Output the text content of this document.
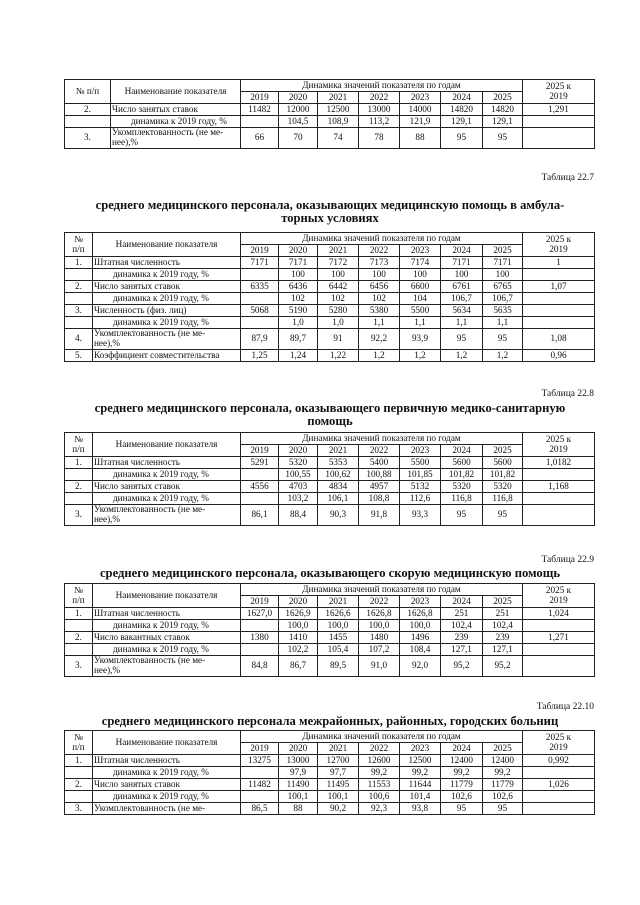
№ п/п	Наименование показателя	Динамика значений показателя по годам							2025 к
2019
		2019	2020	2021	2022	2023	2024	2025	
2.	Число занятых ставок	11482	12000	12500	13000	14000	14820	14820	1,291
	динамика к 2019 году, %		104,5	108,9	113,2	121,9	129,1	129,1	
3.	Укомплектованность (не ме-
нее),%	66	70	74	78	88	95	95	
Таблица 22.7
среднего медицинского персонала, оказывающих медицинскую помощь в амбула-
торных условиях
№
п/п	Наименование показателя	Динамика значений показателя по годам							2025 к
2019
		2019	2020	2021	2022	2023	2024	2025	
1.	Штатная численность	7171	7171	7172	7173	7174	7171	7171	1
	динамика к 2019 году, %		100	100	100	100	100	100	
2.	Число занятых ставок	6335	6436	6442	6456	6600	6761	6765	1,07
	динамика к 2019 году, %		102	102	102	104	106,7	106,7	
3.	Численность (физ. лиц)	5068	5190	5280	5380	5500	5634	5635	
	динамика к 2019 году, %		1,0	1,0	1,1	1,1	1,1	1,1	
4.	Укомплектованность (не ме-
нее),%	87,9	89,7	91	92,2	93,9	95	95	1,08
5.	Коэффициент совместительства	1,25	1,24	1,22	1,2	1,2	1,2	1,2	0,96
Таблица 22.8
среднего медицинского персонала, оказывающего первичную медико-санитарную
помощь
№
п/п	Наименование показателя	Динамика значений показателя по годам							2025 к
2019
		2019	2020	2021	2022	2023	2024	2025	
1.	Штатная численность	5291	5320	5353	5400	5500	5600	5600	1,0182
	динамика к 2019 году, %		100,55	100,62	100,88	101,85	101,82	101,82	
2.	Число занятых ставок	4556	4703	4834	4957	5132	5320	5320	1,168
	динамика к 2019 году, %		103,2	106,1	108,8	112,6	116,8	116,8	
3.	Укомплектованность (не ме-
нее),%	86,1	88,4	90,3	91,8	93,3	95	95	
Таблица 22.9
среднего медицинского персонала, оказывающего скорую медицинскую помощь
№
п/п	Наименование показателя	Динамика значений показателя по годам							2025 к
2019
		2019	2020	2021	2022	2023	2024	2025	
1.	Штатная численность	1627,0	1626,9	1626,6	1626,8	1626,8	251	251	1,024
	динамика к 2019 году, %		100,0	100,0	100,0	100,0	102,4	102,4	
2.	Число вакантных ставок	1380	1410	1455	1480	1496	239	239	1,271
	динамика к 2019 году, %		102,2	105,4	107,2	108,4	127,1	127,1	
3.	Укомплектованность (не ме-
нее),%	84,8	86,7	89,5	91,0	92,0	95,2	95,2	
Таблица 22.10
среднего медицинского персонала межрайонных, районных, городских больниц
№
п/п	Наименование показателя	Динамика значений показателя по годам							2025 к
2019
		2019	2020	2021	2022	2023	2024	2025	
1.	Штатная численность	13275	13000	12700	12600	12500	12400	12400	0,992
	динамика к 2019 году, %		97,9	97,7	99,2	99,2	99,2	99,2	
2.	Число занятых ставок	11482	11490	11495	11553	11644	11779	11779	1,026
	динамика к 2019 году, %		100,1	100,1	100,6	101,4	102,6	102,6	
3.	Укомплектованность (не ме-	86,5	88	90,2	92,3	93,8	95	95	
